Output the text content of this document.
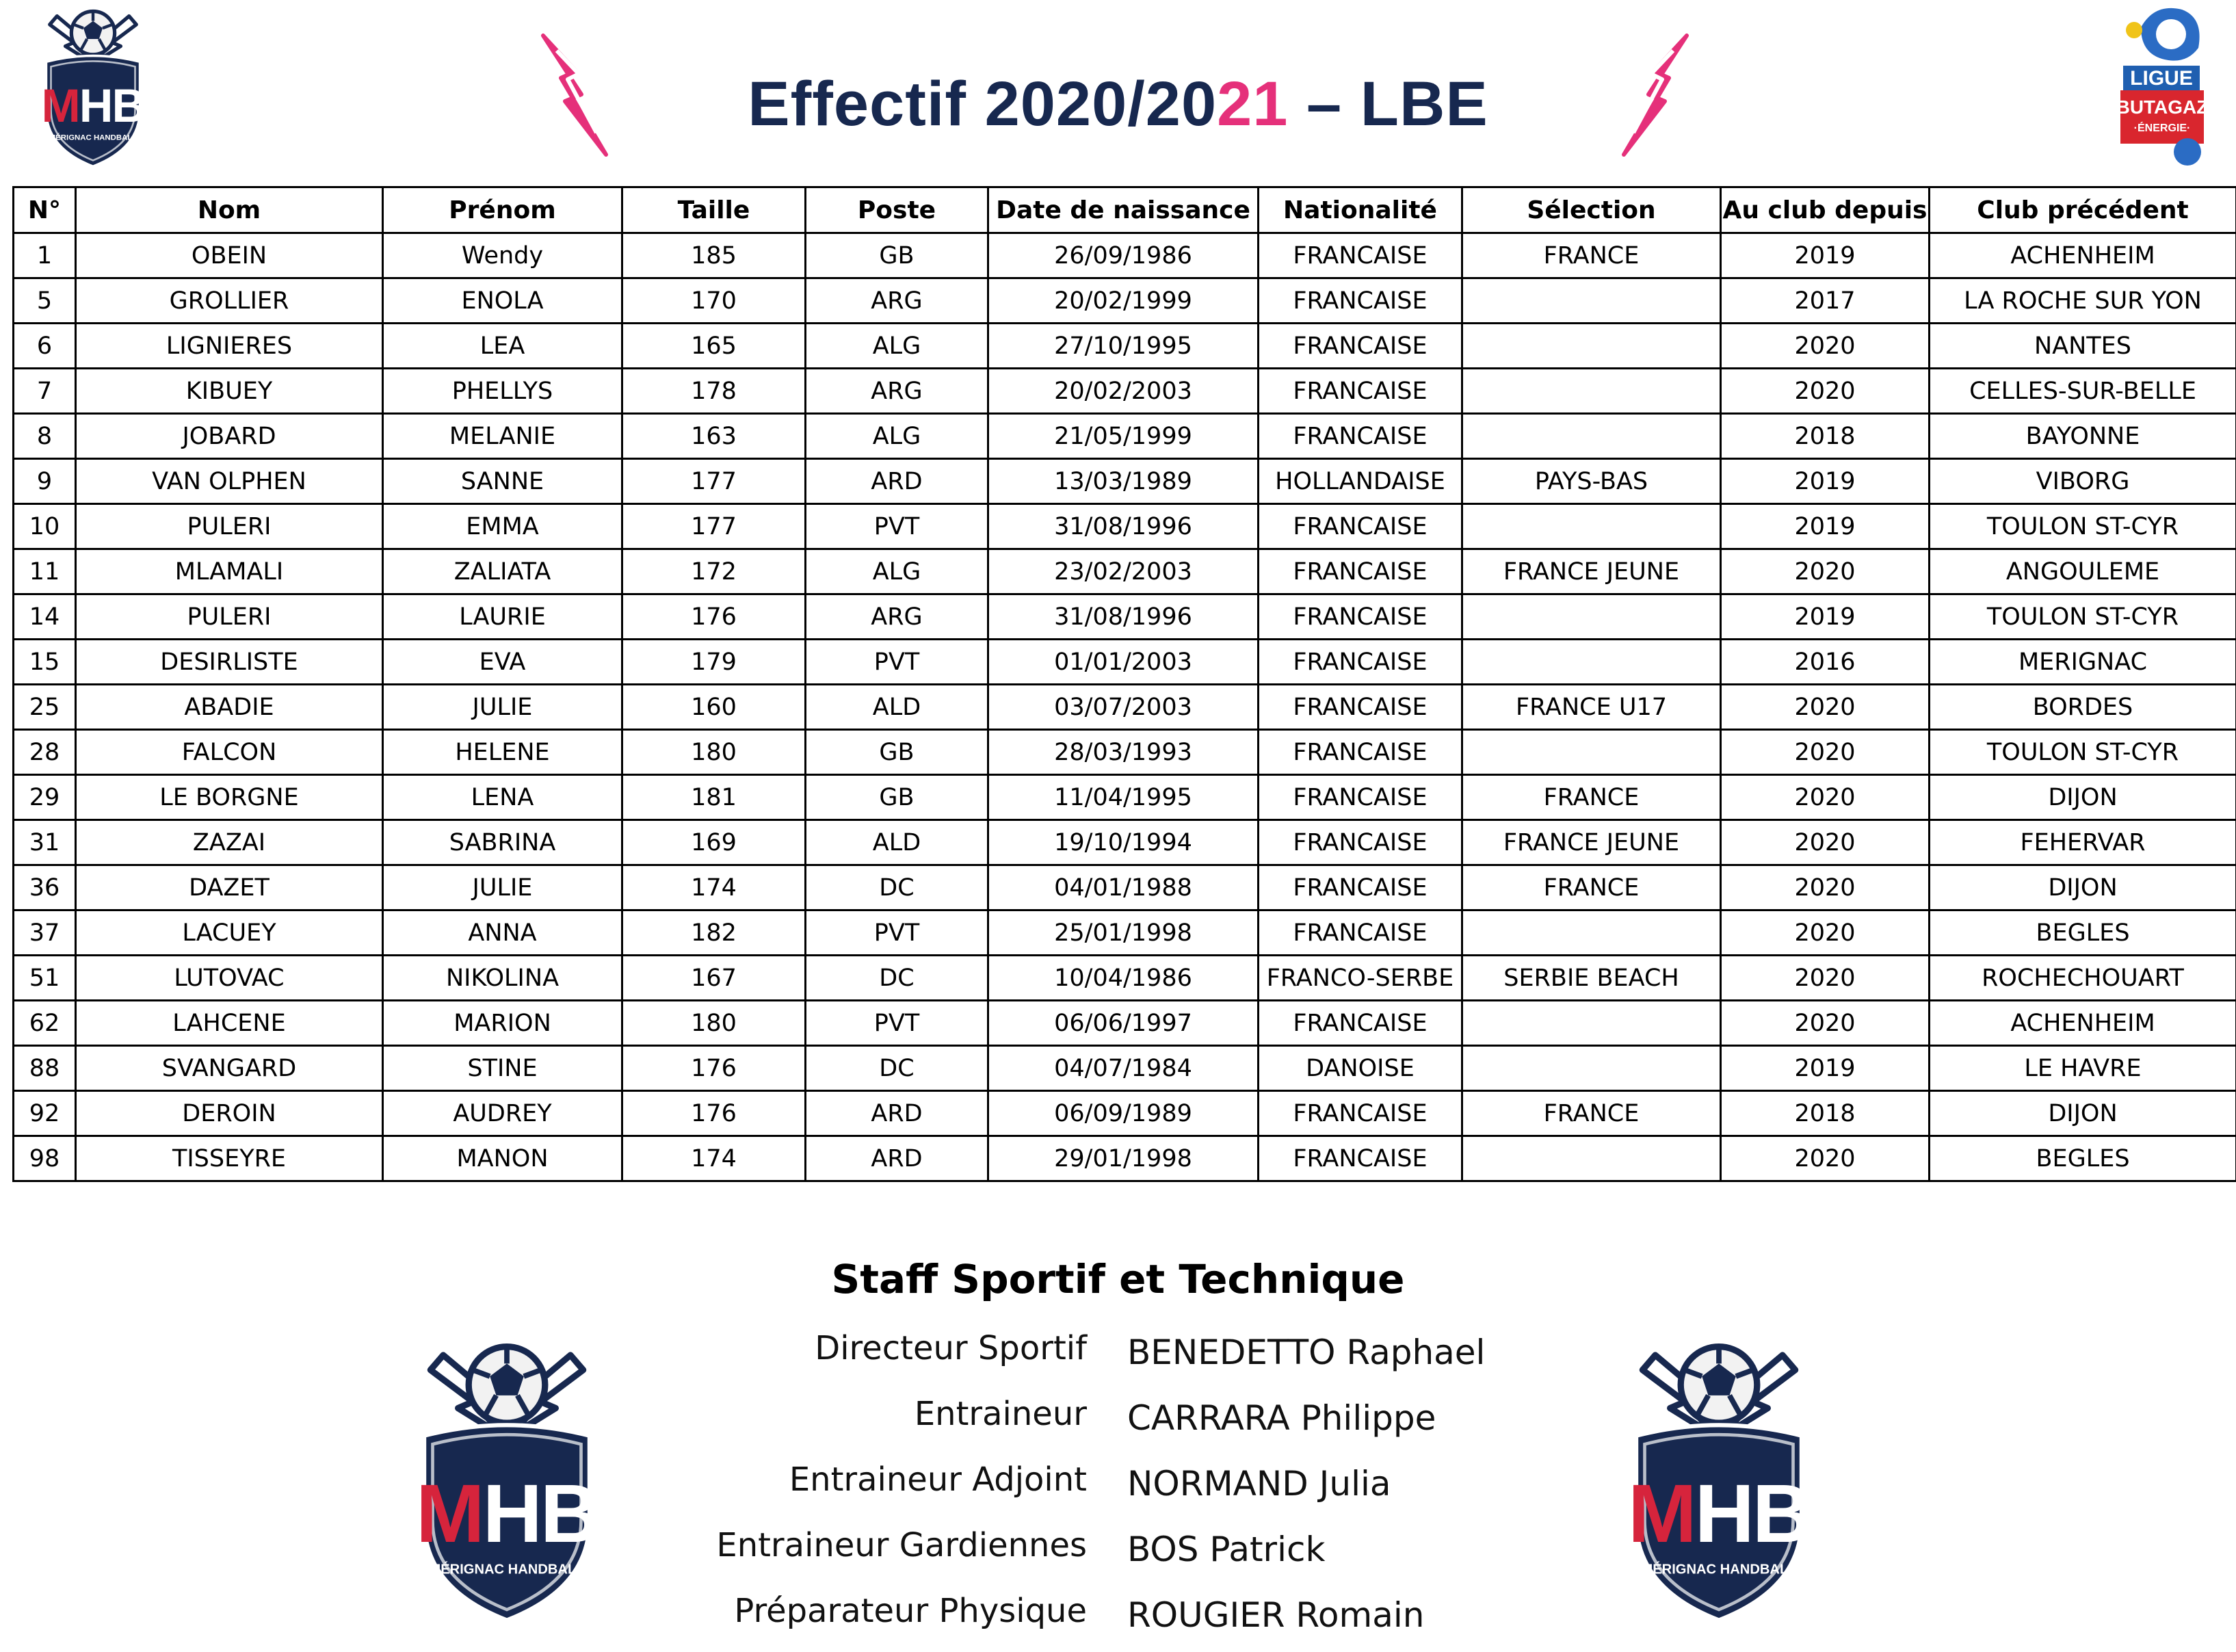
Effectif 2020/2021 – LBE	LIGUE
BUTAGAZ
·ÉNERGIE·
N°	Nom	Prénom	Taille	Poste	Date de naissance	Nationalité	Sélection	Au club depuis	Club précédent
1	OBEIN	Wendy	185	GB	26/09/1986	FRANCAISE	FRANCE	2019	ACHENHEIM
5	GROLLIER	ENOLA	170	ARG	20/02/1999	FRANCAISE		2017	LA ROCHE SUR YON
6	LIGNIERES	LEA	165	ALG	27/10/1995	FRANCAISE		2020	NANTES
7	KIBUEY	PHELLYS	178	ARG	20/02/2003	FRANCAISE		2020	CELLES-SUR-BELLE
8	JOBARD	MELANIE	163	ALG	21/05/1999	FRANCAISE		2018	BAYONNE
9	VAN OLPHEN	SANNE	177	ARD	13/03/1989	HOLLANDAISE	PAYS-BAS	2019	VIBORG
10	PULERI	EMMA	177	PVT	31/08/1996	FRANCAISE		2019	TOULON ST-CYR
11	MLAMALI	ZALIATA	172	ALG	23/02/2003	FRANCAISE	FRANCE JEUNE	2020	ANGOULEME
14	PULERI	LAURIE	176	ARG	31/08/1996	FRANCAISE		2019	TOULON ST-CYR
15	DESIRLISTE	EVA	179	PVT	01/01/2003	FRANCAISE		2016	MERIGNAC
25	ABADIE	JULIE	160	ALD	03/07/2003	FRANCAISE	FRANCE U17	2020	BORDES
28	FALCON	HELENE	180	GB	28/03/1993	FRANCAISE		2020	TOULON ST-CYR
29	LE BORGNE	LENA	181	GB	11/04/1995	FRANCAISE	FRANCE	2020	DIJON
31	ZAZAI	SABRINA	169	ALD	19/10/1994	FRANCAISE	FRANCE JEUNE	2020	FEHERVAR
36	DAZET	JULIE	174	DC	04/01/1988	FRANCAISE	FRANCE	2020	DIJON
37	LACUEY	ANNA	182	PVT	25/01/1998	FRANCAISE		2020	BEGLES
51	LUTOVAC	NIKOLINA	167	DC	10/04/1986	FRANCO-SERBE	SERBIE BEACH	2020	ROCHECHOUART
62	LAHCENE	MARION	180	PVT	06/06/1997	FRANCAISE		2020	ACHENHEIM
88	SVANGARD	STINE	176	DC	04/07/1984	DANOISE		2019	LE HAVRE
92	DEROIN	AUDREY	176	ARD	06/09/1989	FRANCAISE	FRANCE	2018	DIJON
98	TISSEYRE	MANON	174	ARD	29/01/1998	FRANCAISE		2020	BEGLES
Staff Sportif et Technique
Directeur Sportif BENEDETTO Raphael
Entraineur CARRARA Philippe
Entraineur Adjoint NORMAND Julia
Entraineur Gardiennes BOS Patrick
Préparateur Physique ROUGIER Romain
